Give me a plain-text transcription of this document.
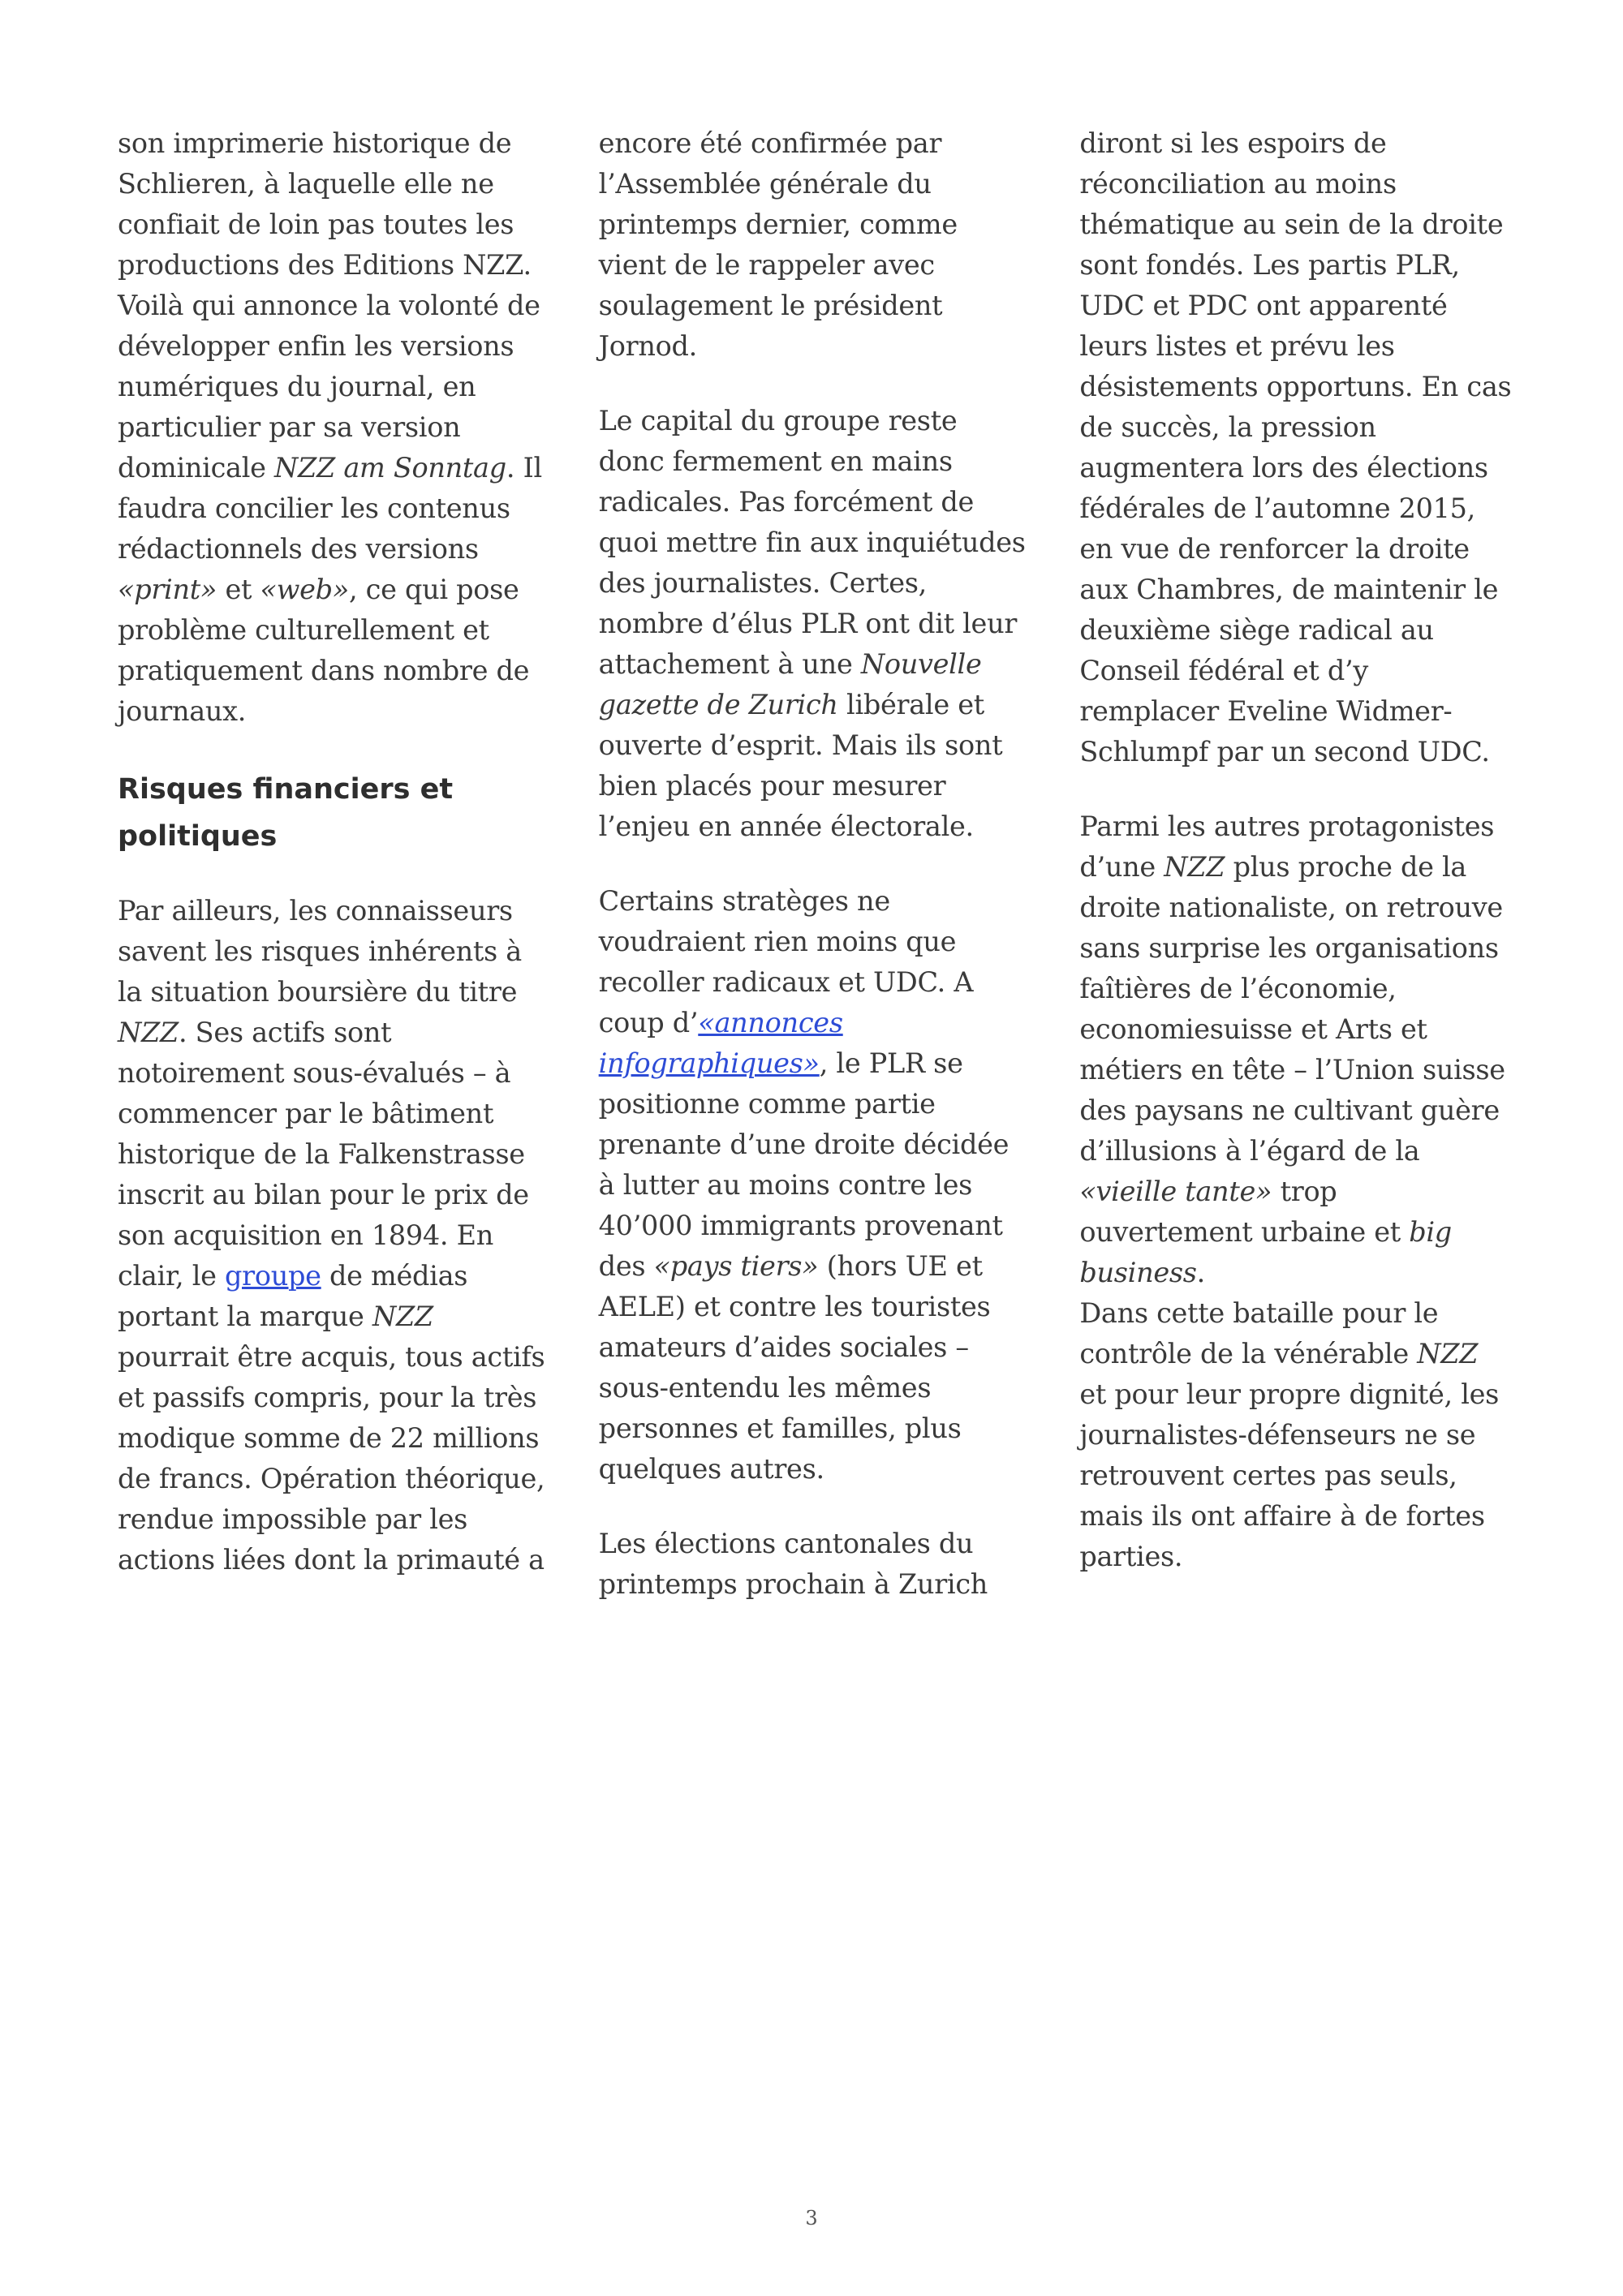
son imprimerie historique de Schlieren, à laquelle elle ne confiait de loin pas toutes les productions des Editions NZZ. Voilà qui annonce la volonté de développer enfin les versions numériques du journal, en particulier par sa version dominicale NZZ am Sonntag. Il faudra concilier les contenus rédactionnels des versions «print» et «web», ce qui pose problème culturellement et pratiquement dans nombre de journaux.

Risques financiers et politiques

Par ailleurs, les connaisseurs savent les risques inhérents à la situation boursière du titre NZZ. Ses actifs sont notoirement sous-évalués – à commencer par le bâtiment historique de la Falkenstrasse inscrit au bilan pour le prix de son acquisition en 1894. En clair, le groupe de médias portant la marque NZZ pourrait être acquis, tous actifs et passifs compris, pour la très modique somme de 22 millions de francs. Opération théorique, rendue impossible par les actions liées dont la primauté a

encore été confirmée par l’Assemblée générale du printemps dernier, comme vient de le rappeler avec soulagement le président Jornod.

Le capital du groupe reste donc fermement en mains radicales. Pas forcément de quoi mettre fin aux inquiétudes des journalistes. Certes, nombre d’élus PLR ont dit leur attachement à une Nouvelle gazette de Zurich libérale et ouverte d’esprit. Mais ils sont bien placés pour mesurer l’enjeu en année électorale.

Certains stratèges ne voudraient rien moins que recoller radicaux et UDC. A coup d’«annonces infographiques», le PLR se positionne comme partie prenante d’une droite décidée à lutter au moins contre les 40’000 immigrants provenant des «pays tiers» (hors UE et AELE) et contre les touristes amateurs d’aides sociales – sous-entendu les mêmes personnes et familles, plus quelques autres.

Les élections cantonales du printemps prochain à Zurich

diront si les espoirs de réconciliation au moins thématique au sein de la droite sont fondés. Les partis PLR, UDC et PDC ont apparenté leurs listes et prévu les désistements opportuns. En cas de succès, la pression augmentera lors des élections fédérales de l’automne 2015, en vue de renforcer la droite aux Chambres, de maintenir le deuxième siège radical au Conseil fédéral et d’y remplacer Eveline Widmer-Schlumpf par un second UDC.

Parmi les autres protagonistes d’une NZZ plus proche de la droite nationaliste, on retrouve sans surprise les organisations faîtières de l’économie, economiesuisse et Arts et métiers en tête – l’Union suisse des paysans ne cultivant guère d’illusions à l’égard de la «vieille tante» trop ouvertement urbaine et big business.

Dans cette bataille pour le contrôle de la vénérable NZZ et pour leur propre dignité, les journalistes-défenseurs ne se retrouvent certes pas seuls, mais ils ont affaire à de fortes parties.

3
